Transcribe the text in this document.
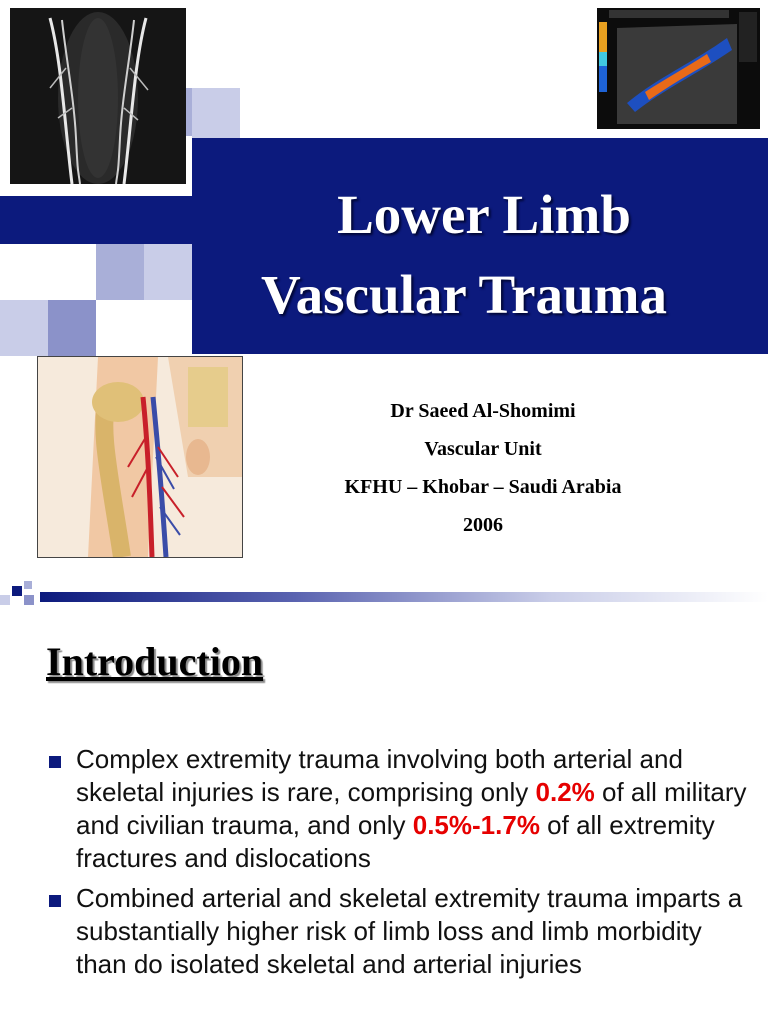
Lower Limb
Vascular Trauma
Dr Saeed Al-Shomimi
Vascular Unit
KFHU – Khobar – Saudi Arabia
2006
Introduction
Complex extremity trauma involving both arterial and skeletal injuries is rare, comprising only 0.2% of all military and civilian trauma, and only 0.5%-1.7% of all extremity fractures and dislocations
Combined arterial and skeletal extremity trauma imparts a substantially higher risk of limb loss and limb morbidity than do isolated skeletal and arterial injuries
